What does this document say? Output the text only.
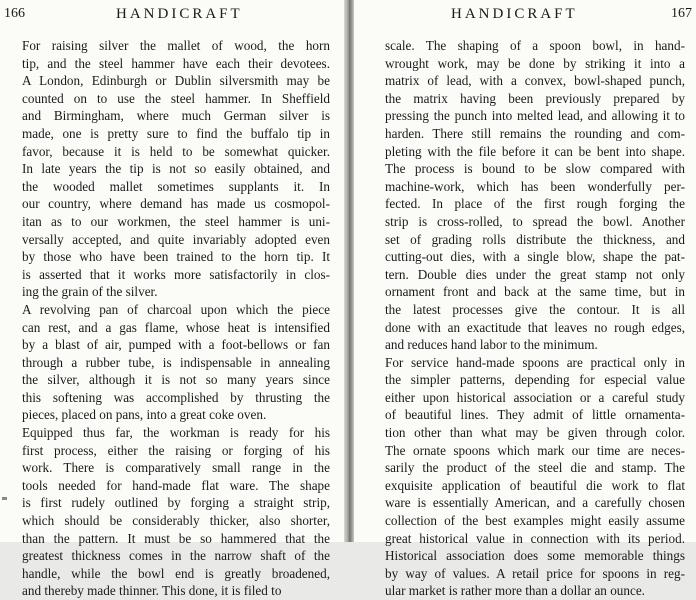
166	HANDICRAFT
For raising silver the mallet of wood, the horn
tip, and the steel hammer have each their devotees.
A London, Edinburgh or Dublin silversmith may be
counted on to use the steel hammer. In Sheffield
and Birmingham, where much German silver is
made, one is pretty sure to find the buffalo tip in
favor, because it is held to be somewhat quicker.
In late years the tip is not so easily obtained, and
the wooded mallet sometimes supplants it. In
our country, where demand has made us cosmopol-
itan as to our workmen, the steel hammer is uni-
versally accepted, and quite invariably adopted even
by those who have been trained to the horn tip. It
is asserted that it works more satisfactorily in clos-
ing the grain of the silver.
A revolving pan of charcoal upon which the piece
can rest, and a gas flame, whose heat is intensified
by a blast of air, pumped with a foot-bellows or fan
through a rubber tube, is indispensable in annealing
the silver, although it is not so many years since
this softening was accomplished by thrusting the
pieces, placed on pans, into a great coke oven.
Equipped thus far, the workman is ready for his
first process, either the raising or forging of his
work. There is comparatively small range in the
tools needed for hand-made flat ware. The shape
is first rudely outlined by forging a straight strip,
which should be considerably thicker, also shorter,
than the pattern. It must be so hammered that the
greatest thickness comes in the narrow shaft of the
handle, while the bowl end is greatly broadened,
and thereby made thinner. This done, it is filed to
HANDICRAFT	167
scale. The shaping of a spoon bowl, in hand-
wrought work, may be done by striking it into a
matrix of lead, with a convex, bowl-shaped punch,
the matrix having been previously prepared by
pressing the punch into melted lead, and allowing it to
harden. There still remains the rounding and com-
pleting with the file before it can be bent into shape.
The process is bound to be slow compared with
machine-work, which has been wonderfully per-
fected. In place of the first rough forging the
strip is cross-rolled, to spread the bowl. Another
set of grading rolls distribute the thickness, and
cutting-out dies, with a single blow, shape the pat-
tern. Double dies under the great stamp not only
ornament front and back at the same time, but in
the latest processes give the contour. It is all
done with an exactitude that leaves no rough edges,
and reduces hand labor to the minimum.
For service hand-made spoons are practical only in
the simpler patterns, depending for especial value
either upon historical association or a careful study
of beautiful lines. They admit of little ornamenta-
tion other than what may be given through color.
The ornate spoons which mark our time are neces-
sarily the product of the steel die and stamp. The
exquisite application of beautiful die work to flat
ware is essentially American, and a carefully chosen
collection of the best examples might easily assume
great historical value in connection with its period.
Historical association does some memorable things
by way of values. A retail price for spoons in reg-
ular market is rather more than a dollar an ounce.
